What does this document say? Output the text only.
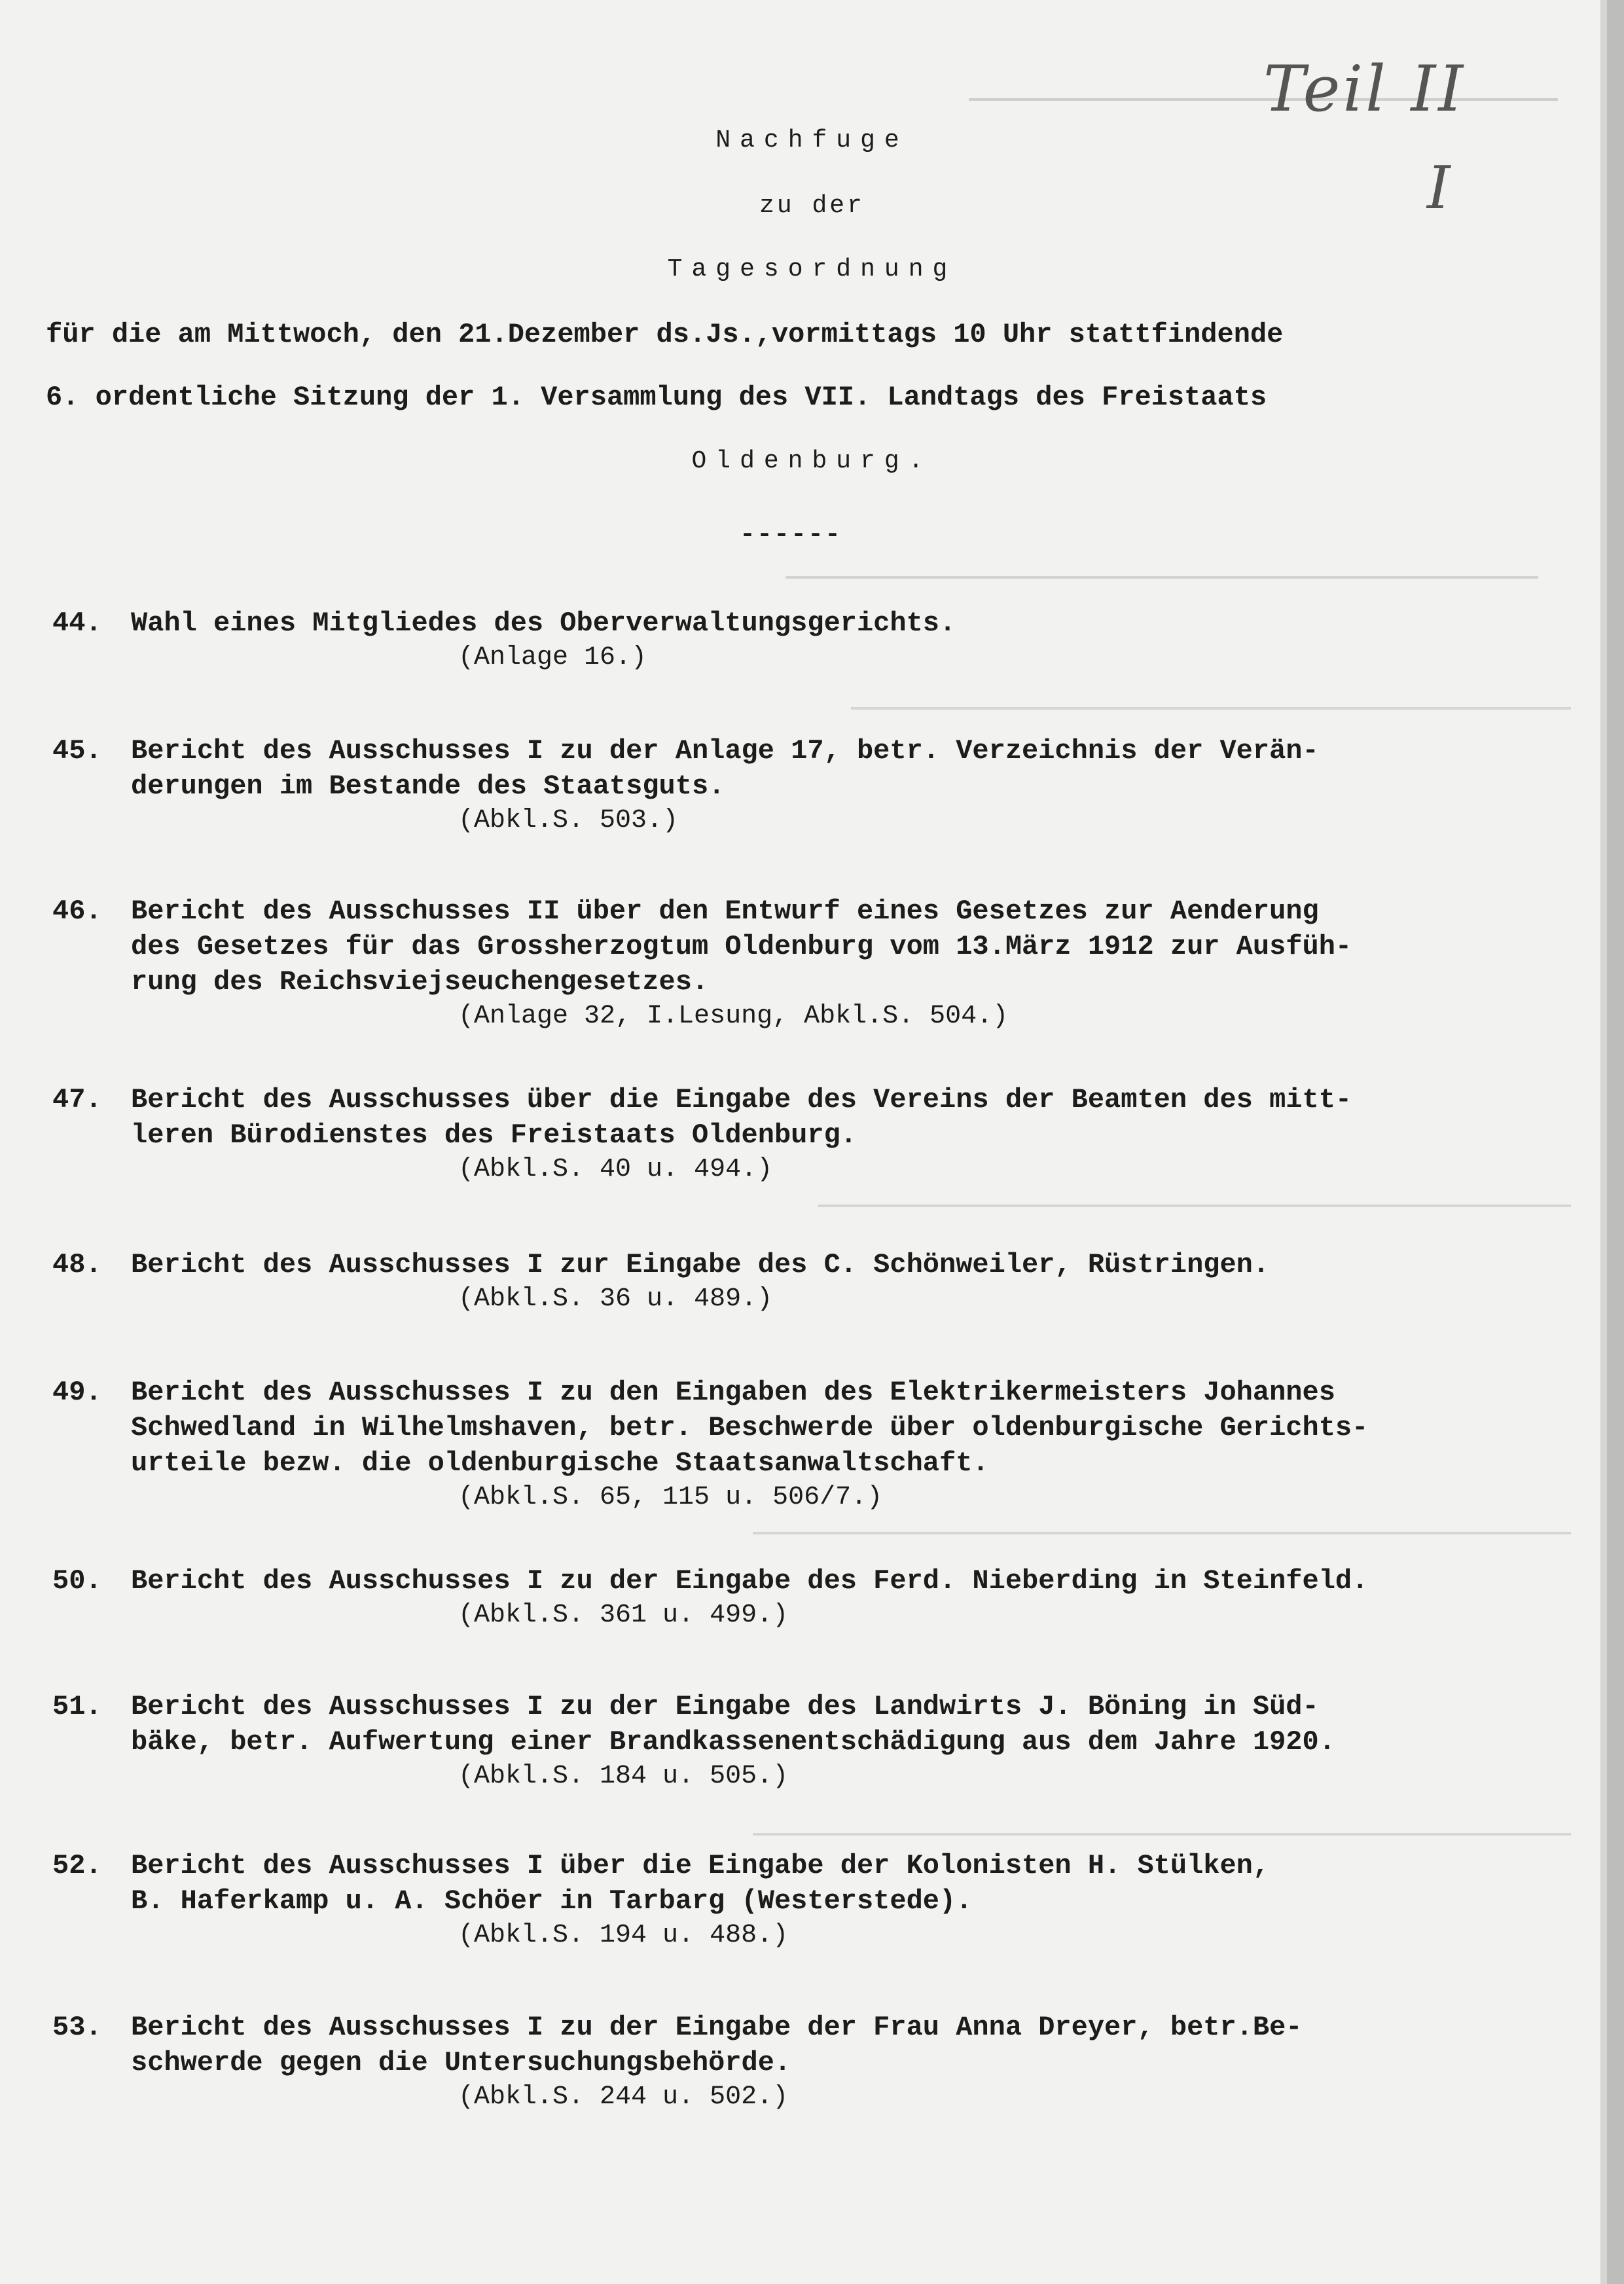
Teil II
I
Nachfuge
zu der
Tagesordnung
für die am Mittwoch, den 21.Dezember ds.Js.,vormittags 10 Uhr stattfindende
6. ordentliche Sitzung der 1. Versammlung des VII. Landtags des Freistaats
Oldenburg.
------
44.	Wahl eines Mitgliedes des Oberverwaltungsgerichts.
(Anlage 16.)
45.	Bericht des Ausschusses I zu der Anlage 17, betr. Verzeichnis der Verän-
derungen im Bestande des Staatsguts.
(Abkl.S. 503.)
46.	Bericht des Ausschusses II über den Entwurf eines Gesetzes zur Aenderung
des Gesetzes für das Grossherzogtum Oldenburg vom 13.März 1912 zur Ausfüh-
rung des Reichsviejseuchengesetzes.
(Anlage 32, I.Lesung, Abkl.S. 504.)
47.	Bericht des Ausschusses über die Eingabe des Vereins der Beamten des mitt-
leren Bürodienstes des Freistaats Oldenburg.
(Abkl.S. 40 u. 494.)
48.	Bericht des Ausschusses I zur Eingabe des C. Schönweiler, Rüstringen.
(Abkl.S. 36 u. 489.)
49.	Bericht des Ausschusses I zu den Eingaben des Elektrikermeisters Johannes
Schwedland in Wilhelmshaven, betr. Beschwerde über oldenburgische Gerichts-
urteile bezw. die oldenburgische Staatsanwaltschaft.
(Abkl.S. 65, 115 u. 506/7.)
50.	Bericht des Ausschusses I zu der Eingabe des Ferd. Nieberding in Steinfeld.
(Abkl.S. 361 u. 499.)
51.	Bericht des Ausschusses I zu der Eingabe des Landwirts J. Böning in Süd-
bäke, betr. Aufwertung einer Brandkassenentschädigung aus dem Jahre 1920.
(Abkl.S. 184 u. 505.)
52.	Bericht des Ausschusses I über die Eingabe der Kolonisten H. Stülken,
B. Haferkamp u. A. Schöer in Tarbarg (Westerstede).
(Abkl.S. 194 u. 488.)
53.	Bericht des Ausschusses I zu der Eingabe der Frau Anna Dreyer, betr.Be-
schwerde gegen die Untersuchungsbehörde.
(Abkl.S. 244 u. 502.)
